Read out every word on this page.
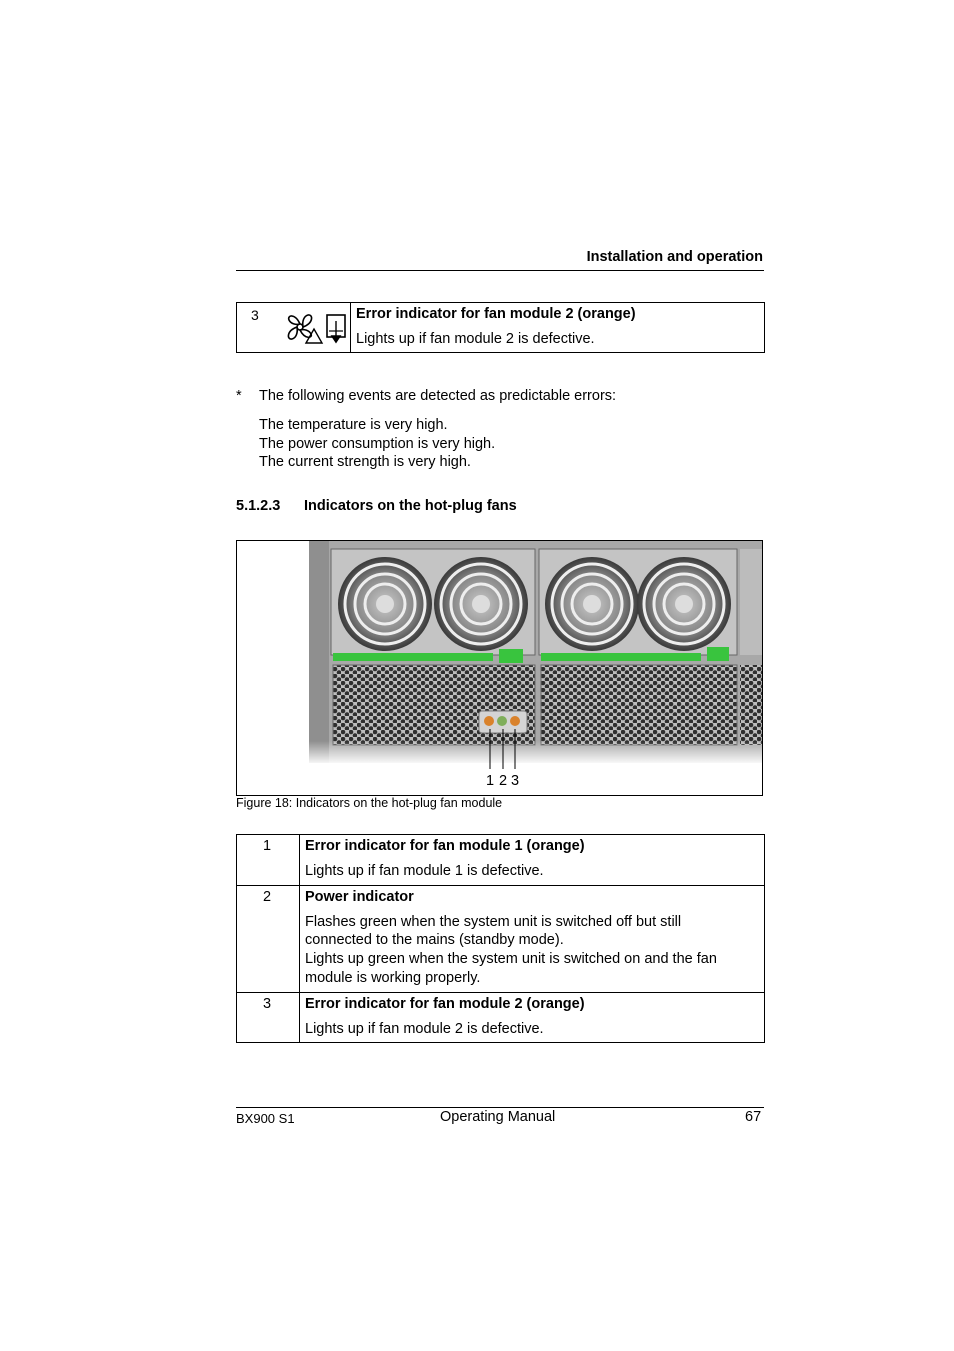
Installation and operation
3	Error indicator for fan module 2 (orange)
Lights up if fan module 2 is defective.
* The following events are detected as predictable errors:
The temperature is very high.
The power consumption is very high.
The current strength is very high.
5.1.2.3 Indicators on the hot-plug fans
1 2 3
Figure 18: Indicators on the hot-plug fan module
1 Error indicator for fan module 1 (orange)
Lights up if fan module 1 is defective.
2 Power indicator
Flashes green when the system unit is switched off but still
connected to the mains (standby mode).
Lights up green when the system unit is switched on and the fan
module is working properly.
3 Error indicator for fan module 2 (orange)
Lights up if fan module 2 is defective.
BX900 S1	Operating Manual	67
